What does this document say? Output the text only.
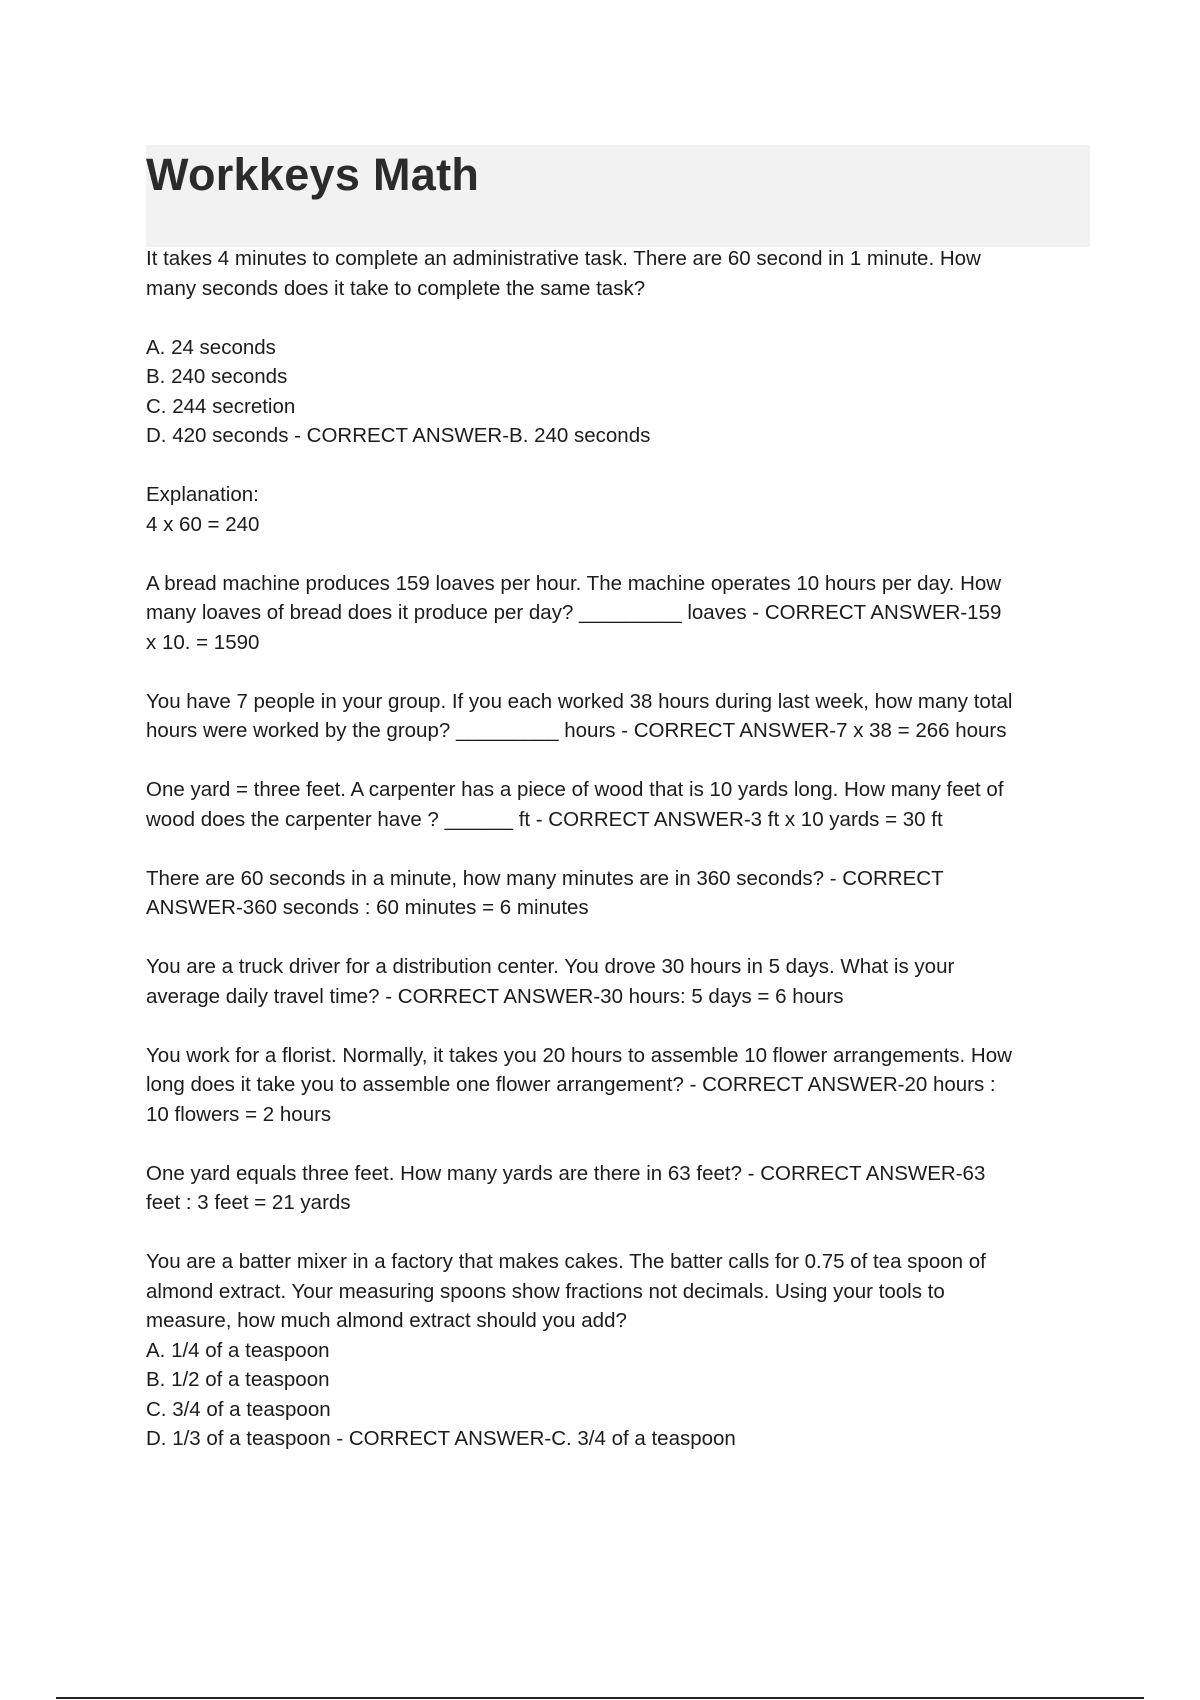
Workkeys Math

It takes 4 minutes to complete an administrative task. There are 60 second in 1 minute. How
many seconds does it take to complete the same task?

A. 24 seconds
B. 240 seconds
C. 244 secretion
D. 420 seconds - CORRECT ANSWER-B. 240 seconds

Explanation:
4 x 60 = 240

A bread machine produces 159 loaves per hour. The machine operates 10 hours per day. How
many loaves of bread does it produce per day? _________ loaves - CORRECT ANSWER-159
x 10. = 1590

You have 7 people in your group. If you each worked 38 hours during last week, how many total
hours were worked by the group? _________ hours - CORRECT ANSWER-7 x 38 = 266 hours

One yard = three feet. A carpenter has a piece of wood that is 10 yards long. How many feet of
wood does the carpenter have ? ______ ft - CORRECT ANSWER-3 ft x 10 yards = 30 ft

There are 60 seconds in a minute, how many minutes are in 360 seconds? - CORRECT
ANSWER-360 seconds : 60 minutes = 6 minutes

You are a truck driver for a distribution center. You drove 30 hours in 5 days. What is your
average daily travel time? - CORRECT ANSWER-30 hours: 5 days = 6 hours

You work for a florist. Normally, it takes you 20 hours to assemble 10 flower arrangements. How
long does it take you to assemble one flower arrangement? - CORRECT ANSWER-20 hours :
10 flowers = 2 hours

One yard equals three feet. How many yards are there in 63 feet? - CORRECT ANSWER-63
feet : 3 feet = 21 yards

You are a batter mixer in a factory that makes cakes. The batter calls for 0.75 of tea spoon of
almond extract. Your measuring spoons show fractions not decimals. Using your tools to
measure, how much almond extract should you add?
A. 1/4 of a teaspoon
B. 1/2 of a teaspoon
C. 3/4 of a teaspoon
D. 1/3 of a teaspoon - CORRECT ANSWER-C. 3/4 of a teaspoon
